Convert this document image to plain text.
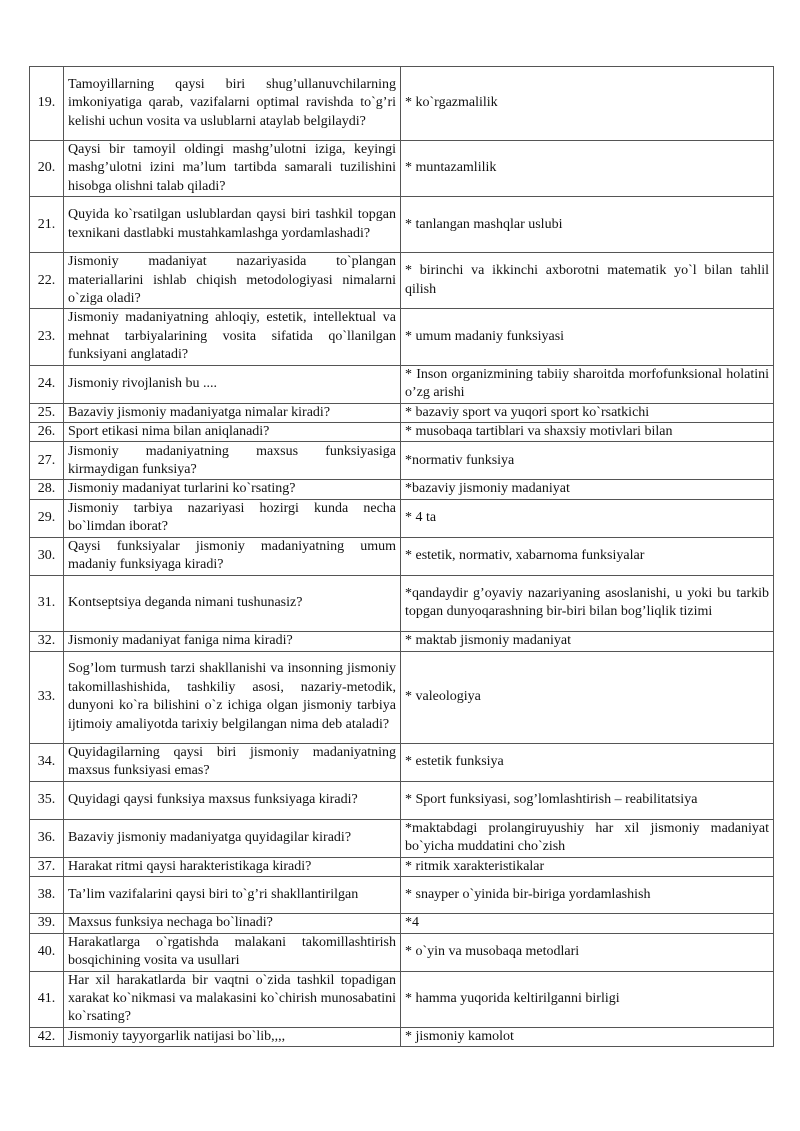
19.	Tamoyillarning qaysi biri shug’ullanuvchilarning imkoniyatiga qarab, vazifalarni optimal ravishda to`g’ri kelishi uchun vosita va uslublarni ataylab belgilaydi?	* ko`rgazmalilik
20.	Qaysi bir tamoyil oldingi mashg’ulotni iziga, keyingi mashg’ulotni izini ma’lum tartibda samarali tuzilishini hisobga olishni talab qiladi?	* muntazamlilik
21.	Quyida ko`rsatilgan uslublardan qaysi biri tashkil topgan texnikani dastlabki mustahkamlashga yordamlashadi?	* tanlangan mashqlar uslubi
22.	Jismoniy madaniyat nazariyasida to`plangan materiallarini ishlab chiqish metodologiyasi nimalarni o`ziga oladi?	* birinchi va ikkinchi axborotni matematik yo`l bilan tahlil qilish
23.	Jismoniy madaniyatning ahloqiy, estetik, intellektual va mehnat tarbiyalarining vosita sifatida qo`llanilgan funksiyani anglatadi?	* umum madaniy funksiyasi
24.	Jismoniy rivojlanish bu ....	* Inson organizmining tabiiy sharoitda morfofunksional holatini o’zg arishi
25.	Bazaviy jismoniy madaniyatga nimalar kiradi?	* bazaviy sport va yuqori sport ko`rsatkichi
26.	Sport etikasi nima bilan aniqlanadi?	* musobaqa tartiblari va shaxsiy motivlari bilan
27.	Jismoniy madaniyatning maxsus funksiyasiga kirmaydigan funksiya?	*normativ funksiya
28.	Jismoniy madaniyat turlarini ko`rsating?	*bazaviy jismoniy madaniyat
29.	Jismoniy tarbiya nazariyasi hozirgi kunda necha bo`limdan iborat?	* 4 ta
30.	Qaysi funksiyalar jismoniy madaniyatning umum madaniy funksiyaga kiradi?	* estetik, normativ, xabarnoma funksiyalar
31.	Kontseptsiya deganda nimani tushunasiz?	*qandaydir g’oyaviy nazariyaning asoslanishi, u yoki bu tarkib topgan dunyoqarashning bir-biri bilan bog’liqlik tizimi
32.	Jismoniy madaniyat faniga nima kiradi?	* maktab jismoniy madaniyat
33.	Sog’lom turmush tarzi shakllanishi va insonning jismoniy takomillashishida, tashkiliy asosi, nazariy-metodik, dunyoni ko`ra bilishini o`z ichiga olgan jismoniy tarbiya ijtimoiy amaliyotda tarixiy belgilangan nima deb ataladi?	* valeologiya
34.	Quyidagilarning qaysi biri jismoniy madaniyatning maxsus funksiyasi emas?	* estetik funksiya
35.	Quyidagi qaysi funksiya maxsus funksiyaga kiradi?	* Sport funksiyasi, sog’lomlashtirish – reabilitatsiya
36.	Bazaviy jismoniy madaniyatga quyidagilar kiradi?	*maktabdagi prolangiruyushiy har xil jismoniy madaniyat bo`yicha muddatini cho`zish
37.	Harakat ritmi qaysi harakteristikaga kiradi?	* ritmik xarakteristikalar
38.	Ta’lim vazifalarini qaysi biri to`g’ri shakllantirilgan	* snayper o`yinida bir-biriga yordamlashish
39.	Maxsus funksiya nechaga bo`linadi?	*4
40.	Harakatlarga o`rgatishda malakani takomillashtirish bosqichining vosita va usullari	* o`yin va musobaqa metodlari
41.	Har xil harakatlarda bir vaqtni o`zida tashkil topadigan xarakat ko`nikmasi va malakasini ko`chirish munosabatini ko`rsating?	* hamma yuqorida keltirilganni birligi
42.	Jismoniy tayyorgarlik natijasi bo`lib,,,,	* jismoniy kamolot
